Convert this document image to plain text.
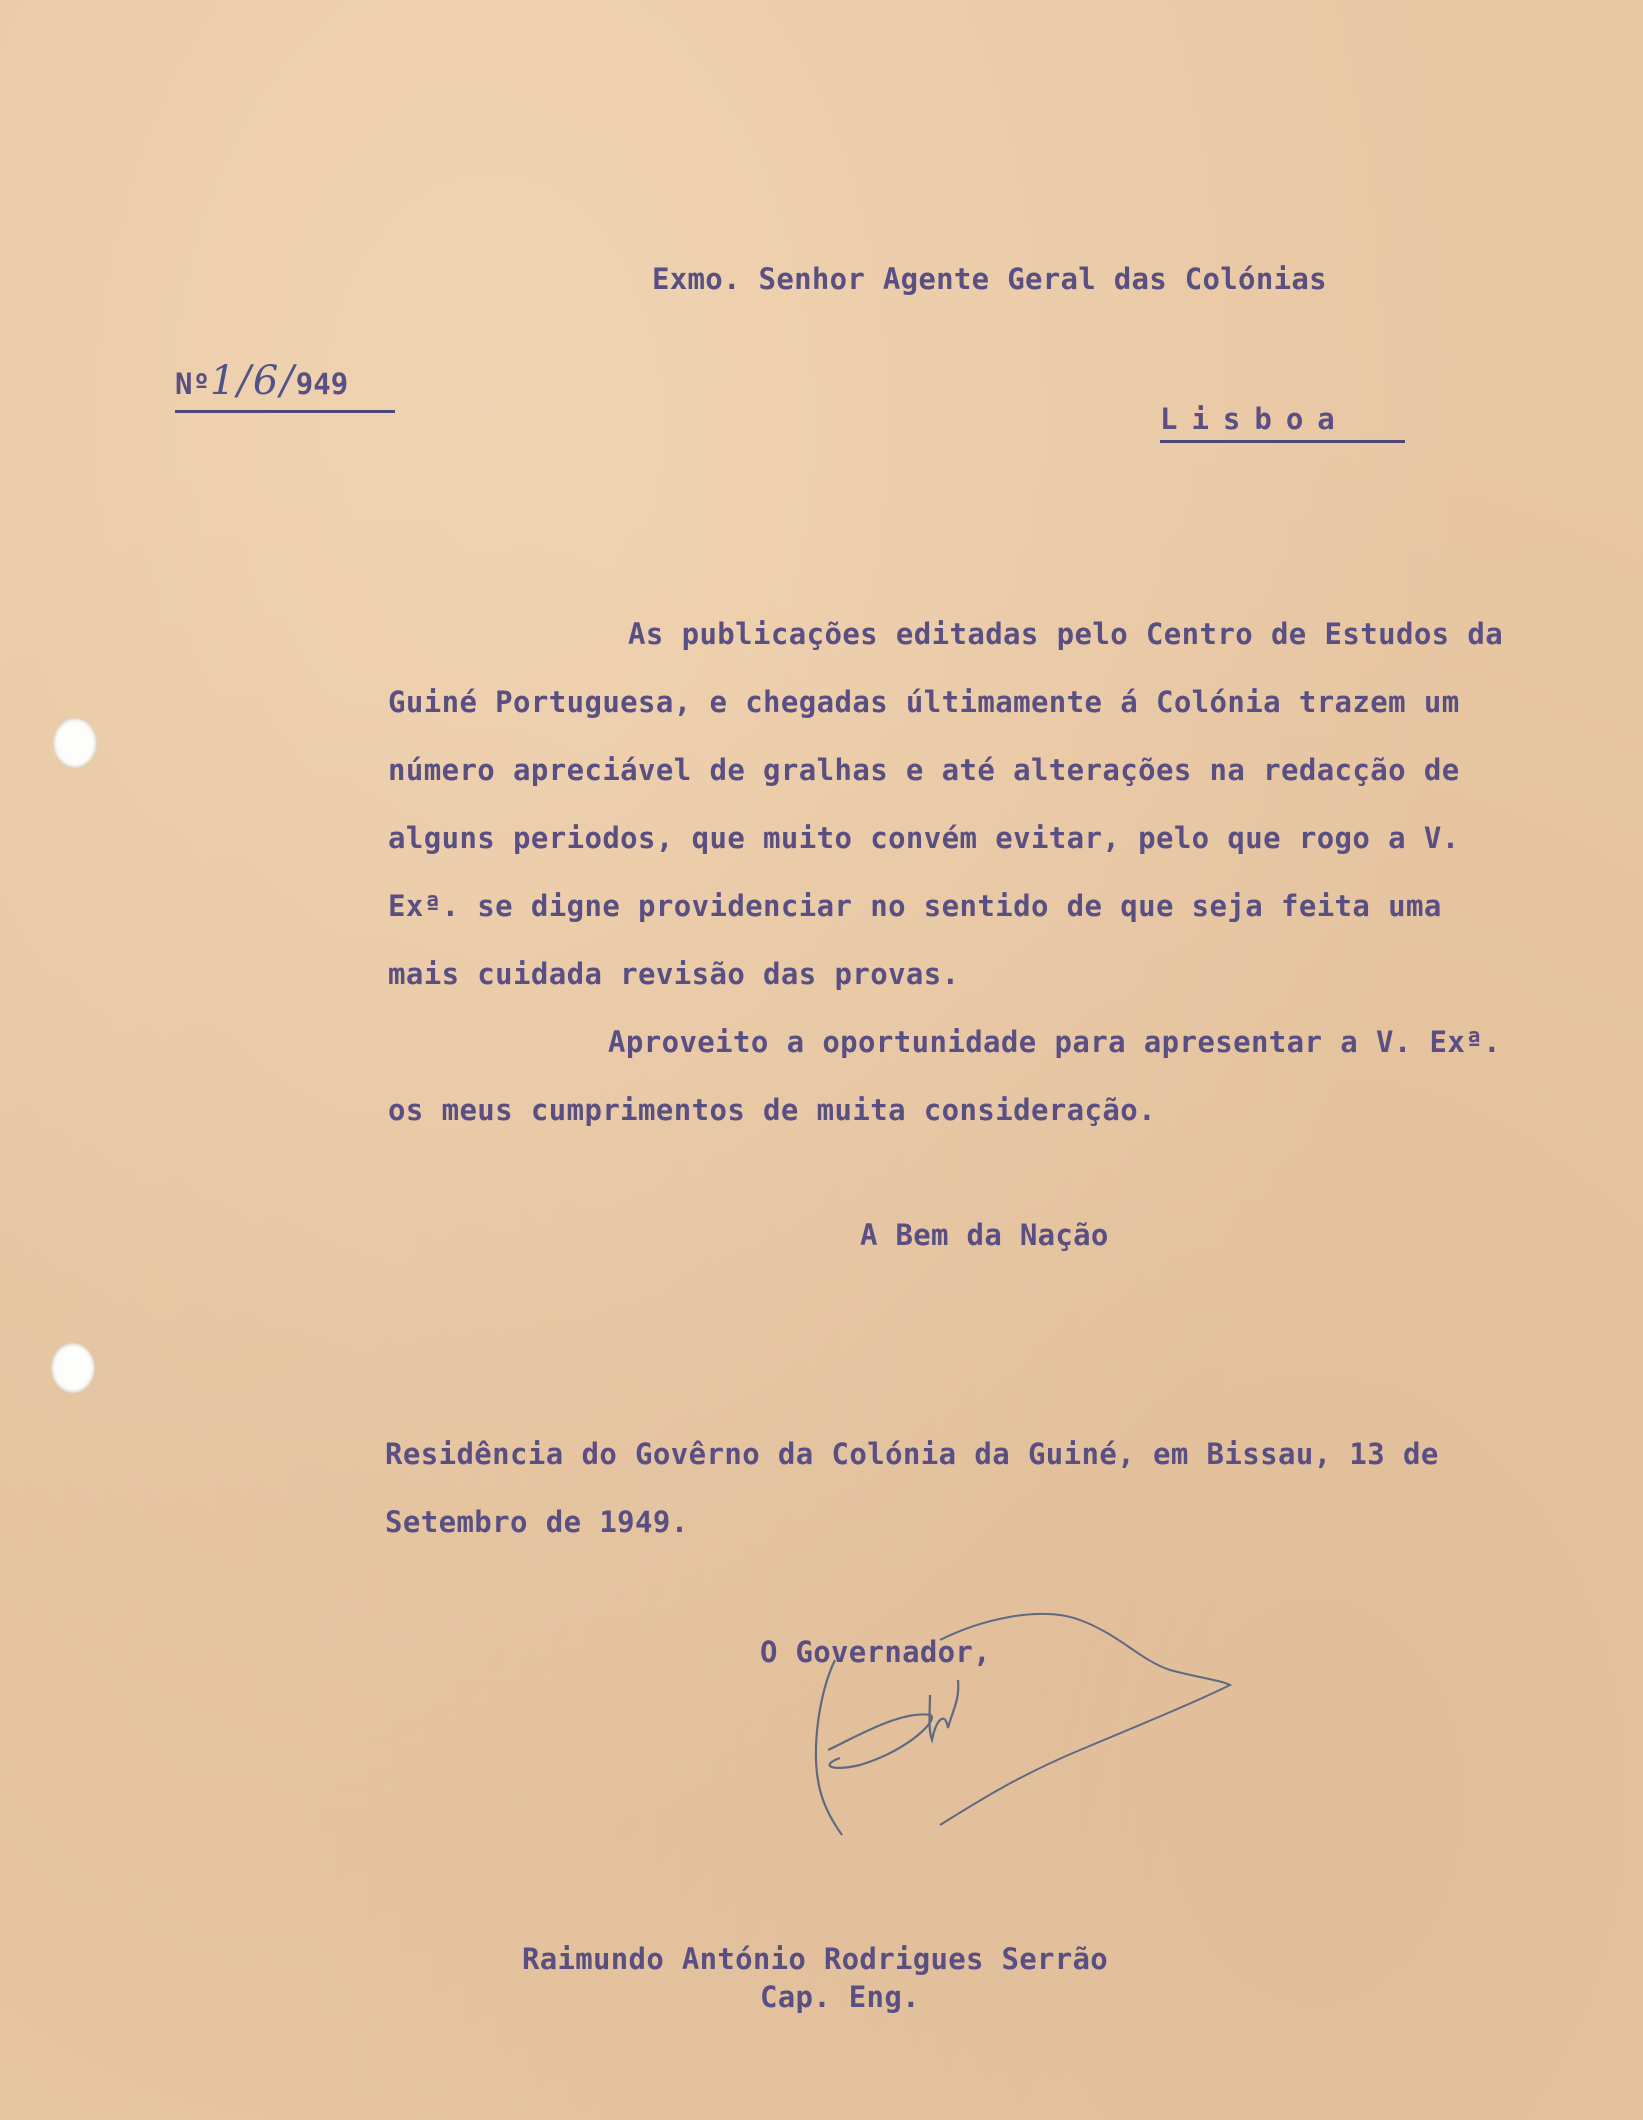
Exmo. Senhor Agente Geral das Colónias
Nº1/6/949
Lisboa
As publicações editadas pelo Centro de Estudos da
Guiné Portuguesa, e chegadas últimamente á Colónia trazem um
número apreciável de gralhas e até alterações na redacção de
alguns periodos, que muito convém evitar, pelo que rogo a V.
Exª. se digne providenciar no sentido de que seja feita uma
mais cuidada revisão das provas.
Aproveito a oportunidade para apresentar a V. Exª.
os meus cumprimentos de muita consideração.
A Bem da Nação
Residência do Govêrno da Colónia da Guiné, em Bissau, 13 de
Setembro de 1949.
O Governador,
Raimundo António Rodrigues Serrão
Cap. Eng.
